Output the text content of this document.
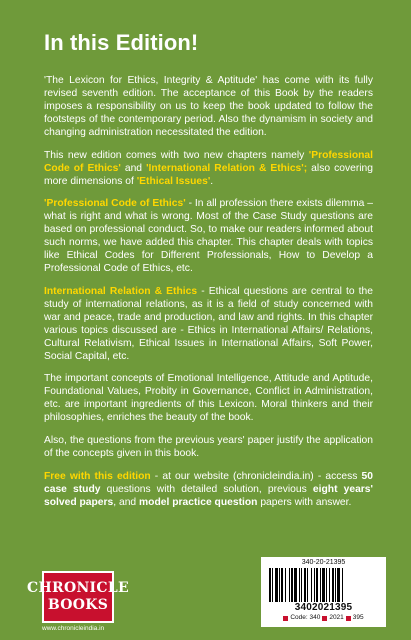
In this Edition!

'The Lexicon for Ethics, Integrity & Aptitude' has come with its fully revised seventh edition. The acceptance of this Book by the readers imposes a responsibility on us to keep the book updated to follow the footsteps of the contemporary period. Also the dynamism in society and changing administration necessitated the edition.

This new edition comes with two new chapters namely 'Professional Code of Ethics' and 'International Relation & Ethics'; also covering more dimensions of 'Ethical Issues'.

'Professional Code of Ethics' - In all profession there exists dilemma – what is right and what is wrong. Most of the Case Study questions are based on professional conduct. So, to make our readers informed about such norms, we have added this chapter. This chapter deals with topics like Ethical Codes for Different Professionals, How to Develop a Professional Code of Ethics, etc.

International Relation & Ethics - Ethical questions are central to the study of international relations, as it is a field of study concerned with war and peace, trade and production, and law and rights. In this chapter various topics discussed are - Ethics in International Affairs/ Relations, Cultural Relativism, Ethical Issues in International Affairs, Soft Power, Social Capital, etc.

The important concepts of Emotional Intelligence, Attitude and Aptitude, Foundational Values, Probity in Governance, Conflict in Administration, etc. are important ingredients of this Lexicon. Moral thinkers and their philosophies, enriches the beauty of the book.

Also, the questions from the previous years' paper justify the application of the concepts given in this book.

Free with this edition - at our website (chronicleindia.in) - access 50 case study questions with detailed solution, previous eight years' solved papers, and model practice question papers with answer.

CHRONICLE
BOOKS
www.chronicleindia.in
340-20-21395
3402021395
Code: 340 2021 395
